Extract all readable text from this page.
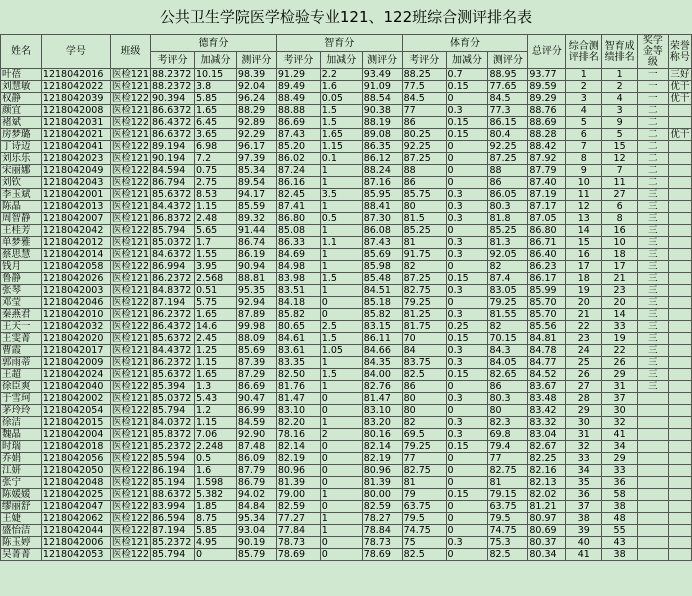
公共卫生学院医学检验专业121、122班综合测评排名表
姓名	学号	班级	德育分			智育分			体育分			总评分	综合测评排名	智育成绩排名	奖学金等级	荣誉称号
			考评分	加减分	测评分	考评分	加减分	测评分	考评分	加减分	测评分					
叶蓓	1218042016	医检121	88.2372	10.15	98.39	91.29	2.2	93.49	88.25	0.7	88.95	93.77	1	1	一	三好
刘慧敏	1218042022	医检121	88.2372	3.8	92.04	89.49	1.6	91.09	77.5	0.15	77.65	89.59	2	2	一	优干
权静	1218042039	医检122	90.394	5.85	96.24	88.49	0.05	88.54	84.5	0	84.5	89.29	3	4	一	优干
颜宜	1218042008	医检121	86.6372	1.65	88.29	88.88	1.5	90.38	77	0.3	77.3	88.76	4	3	二	
褚斌	1218042031	医检122	86.4372	6.45	92.89	86.69	1.5	88.19	86	0.15	86.15	88.69	5	9	二	
房梦璐	1218042021	医检121	86.6372	3.65	92.29	87.43	1.65	89.08	80.25	0.15	80.4	88.28	6	5	二	优干
丁诗迈	1218042041	医检122	89.194	6.98	96.17	85.20	1.15	86.35	92.25	0	92.25	88.42	7	15	二	
刘乐乐	1218042023	医检121	90.194	7.2	97.39	86.02	0.1	86.12	87.25	0	87.25	87.92	8	12	二	
宋丽娜	1218042049	医检122	84.594	0.75	85.34	87.24	1	88.24	88	0	88	87.79	9	7	二	
刘钦	1218042043	医检122	86.794	2.75	89.54	86.16	1	87.16	86	0	86	87.40	10	11	二	
李玉斌	1218042001	医检121	85.6372	8.53	94.17	82.45	3.5	85.95	85.75	0.3	86.05	87.19	11	27	三	
陈晶	1218042013	医检121	84.4372	1.15	85.59	87.41	1	88.41	80	0.3	80.3	87.17	12	6	三	
周智静	1218042007	医检121	86.8372	2.48	89.32	86.80	0.5	87.30	81.5	0.3	81.8	87.05	13	8	三	
王桂芳	1218042042	医检122	85.794	5.65	91.44	85.08	1	86.08	85.25	0	85.25	86.80	14	16	三	
单梦雅	1218042012	医检121	85.0372	1.7	86.74	86.33	1.1	87.43	81	0.3	81.3	86.71	15	10	三	
蔡思慧	1218042014	医检121	84.6372	1.55	86.19	84.69	1	85.69	91.75	0.3	92.05	86.40	16	18	三	
钱月	1218042058	医检122	86.994	3.95	90.94	84.98	1	85.98	82	0	82	86.23	17	17	三	
鲁静	1218042026	医检121	86.2372	2.568	88.81	83.98	1.5	85.48	87.25	0.15	87.4	86.17	18	21	三	
张琴	1218042003	医检121	84.8372	0.51	95.35	83.51	1	84.51	82.75	0.3	83.05	85.99	19	23	三	
邓莹	1218042046	医检122	87.194	5.75	92.94	84.18	0	85.18	79.25	0	79.25	85.70	20	20	三	
秦燕君	1218042010	医检121	86.2372	1.65	87.89	85.82	0	85.82	81.25	0.3	81.55	85.70	21	14	三	
王天一	1218042032	医检122	86.4372	14.6	99.98	80.65	2.5	83.15	81.75	0.25	82	85.56	22	33	三	
王雯菁	1218042020	医检121	85.6372	2.45	88.09	84.61	1.5	86.11	70	0.15	70.15	84.81	23	19	三	
曹霞	1218042017	医检121	84.4372	1.25	85.69	83.61	1.05	84.66	84	0.3	84.3	84.78	24	22	三	
郭雨蒂	1218042009	医检121	86.2372	1.15	87.39	83.35	1	84.35	83.75	0.3	84.05	84.77	25	26	三	
王超	1218042024	医检121	85.6372	1.65	87.29	82.50	1.5	84.00	82.5	0.15	82.65	84.52	26	29	三	
徐臣爽	1218042040	医检122	85.394	1.3	86.69	81.76	1	82.76	86	0	86	83.67	27	31	三	
于雪珂	1218042002	医检121	85.0372	5.43	90.47	81.47	0	81.47	80	0.3	80.3	83.48	28	37		
茅玲玲	1218042054	医检122	85.794	1.2	86.99	83.10	0	83.10	80	0	80	83.42	29	30		
徐洁	1218042015	医检121	84.0372	1.15	84.59	82.20	1	83.20	82	0.3	82.3	83.32	30	32		
魏晶	1218042004	医检121	85.8372	7.06	92.90	78.16	2	80.16	69.5	0.3	69.8	83.04	31	41		
时瑞	1218042018	医检121	85.2372	2.248	87.48	82.14	0	82.14	79.25	0.15	79.4	82.67	32	34		
乔娟	1218042056	医检122	85.594	0.5	86.09	82.19	0	82.19	77	0	77	82.25	33	29		
江妍	1218042050	医检122	86.194	1.6	87.79	80.96	0	80.96	82.75	0	82.75	82.16	34	33		
张宁	1218042048	医检122	85.194	1.598	86.79	81.39	0	81.39	81	0	81	82.13	35	36		
陈媛媛	1218042025	医检121	88.6372	5.382	94.02	79.00	1	80.00	79	0.15	79.15	82.02	36	58		
缪丽舒	1218042047	医检122	83.994	1.85	84.84	82.59	0	82.59	63.75	0	63.75	81.21	37	38		
王婕	1218042062	医检122	86.594	8.75	95.34	77.27	1	78.27	79.5	0	79.5	80.97	38	48		
盛怡洁	1218042044	医检122	87.194	5.85	93.04	77.84	1	78.84	74.75	0	74.75	80.69	39	55		
陈玉婷	1218042006	医检121	85.2372	4.95	90.19	78.73	0	78.73	75	0.3	75.3	80.37	40	43		
吴菁菁	1218042053	医检122	85.794	0	85.79	78.69	0	78.69	82.5	0	82.5	80.34	41	38		
